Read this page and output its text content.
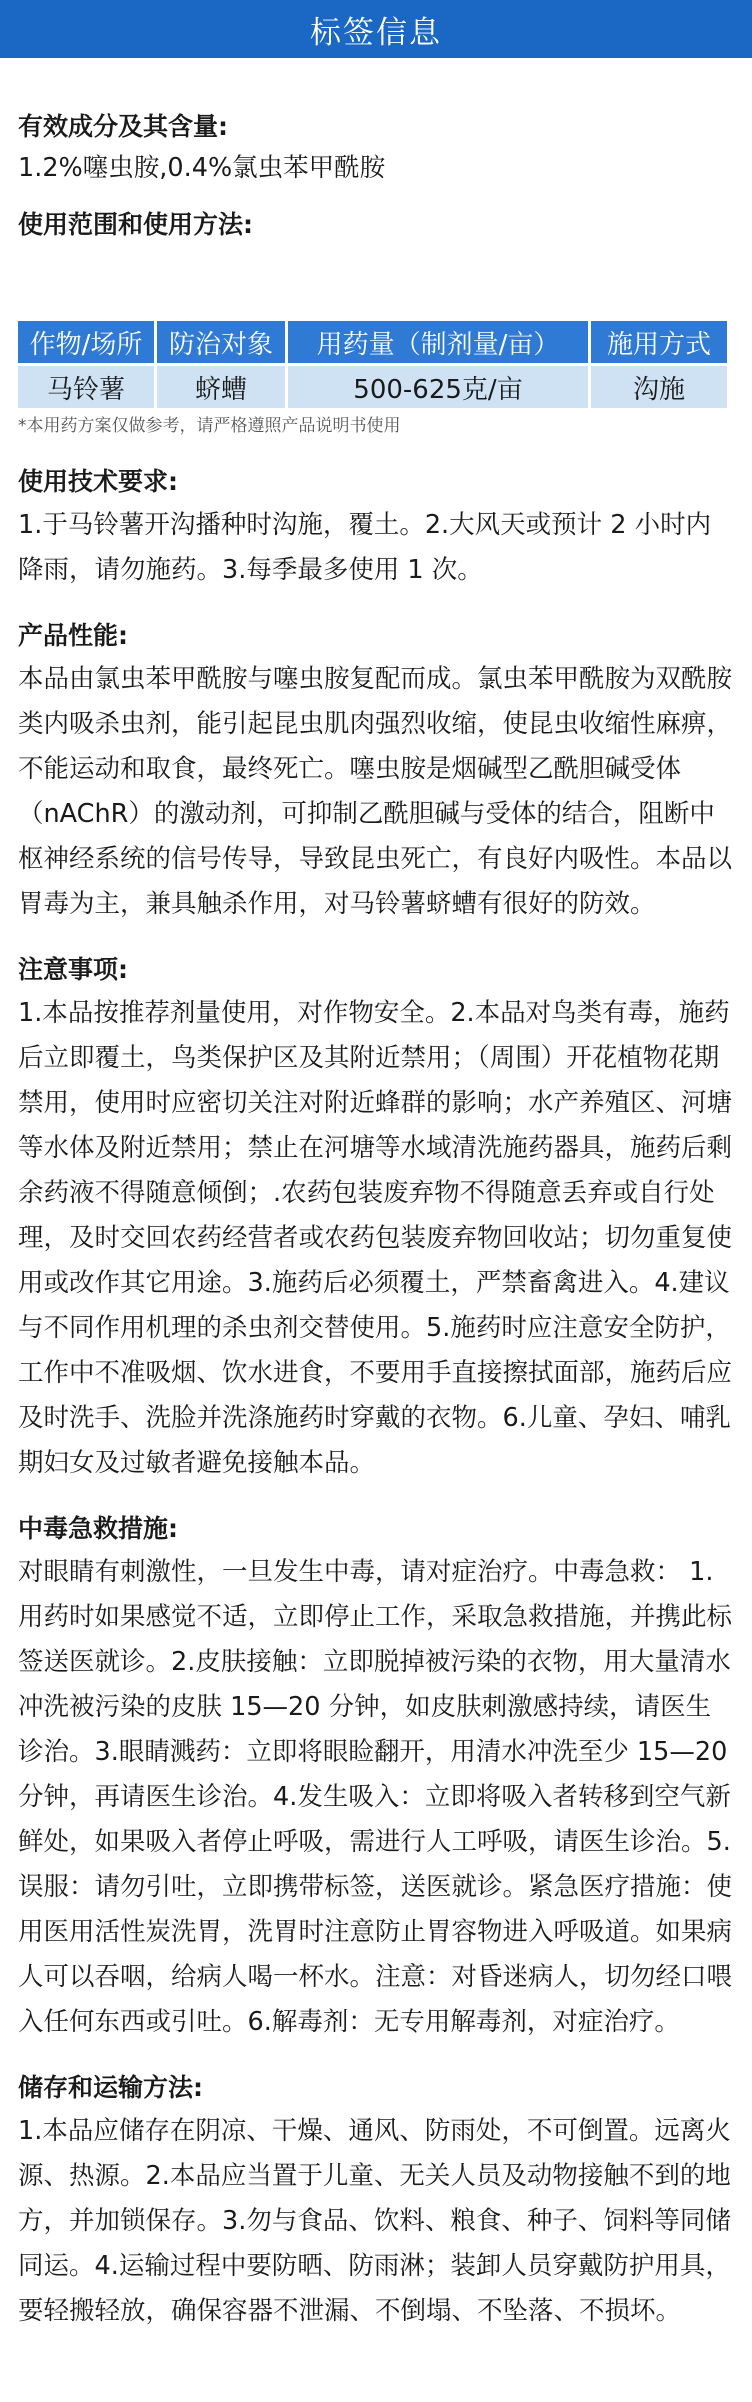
标签信息

有效成分及其含量:

1.2%噻虫胺,0.4%氯虫苯甲酰胺

使用范围和使用方法:

作物/场所	防治对象	用药量（制剂量/亩）	施用方式
马铃薯	蛴螬	500-625克/亩	沟施

*本用药方案仅做参考，请严格遵照产品说明书使用

使用技术要求:

1.于马铃薯开沟播种时沟施，覆土。2.大风天或预计 2 小时内降雨，请勿施药。3.每季最多使用 1 次。

产品性能:

本品由氯虫苯甲酰胺与噻虫胺复配而成。氯虫苯甲酰胺为双酰胺类内吸杀虫剂，能引起昆虫肌肉强烈收缩，使昆虫收缩性麻痹，不能运动和取食，最终死亡。噻虫胺是烟碱型乙酰胆碱受体（nAChR）的激动剂，可抑制乙酰胆碱与受体的结合，阻断中枢神经系统的信号传导，导致昆虫死亡，有良好内吸性。本品以胃毒为主，兼具触杀作用，对马铃薯蛴螬有很好的防效。

注意事项:

1.本品按推荐剂量使用，对作物安全。2.本品对鸟类有毒，施药后立即覆土，鸟类保护区及其附近禁用；（周围）开花植物花期禁用，使用时应密切关注对附近蜂群的影响；水产养殖区、河塘等水体及附近禁用；禁止在河塘等水域清洗施药器具，施药后剩余药液不得随意倾倒；.农药包装废弃物不得随意丢弃或自行处理，及时交回农药经营者或农药包装废弃物回收站；切勿重复使用或改作其它用途。3.施药后必须覆土，严禁畜禽进入。4.建议与不同作用机理的杀虫剂交替使用。5.施药时应注意安全防护，工作中不准吸烟、饮水进食，不要用手直接擦拭面部，施药后应及时洗手、洗脸并洗涤施药时穿戴的衣物。6.儿童、孕妇、哺乳期妇女及过敏者避免接触本品。

中毒急救措施:

对眼睛有刺激性，一旦发生中毒，请对症治疗。中毒急救： 1.用药时如果感觉不适，立即停止工作，采取急救措施，并携此标签送医就诊。2.皮肤接触：立即脱掉被污染的衣物，用大量清水冲洗被污染的皮肤 15—20 分钟，如皮肤刺激感持续，请医生诊治。3.眼睛溅药：立即将眼睑翻开，用清水冲洗至少 15—20 分钟，再请医生诊治。4.发生吸入：立即将吸入者转移到空气新鲜处，如果吸入者停止呼吸，需进行人工呼吸，请医生诊治。5.误服：请勿引吐，立即携带标签，送医就诊。紧急医疗措施：使用医用活性炭洗胃，洗胃时注意防止胃容物进入呼吸道。如果病人可以吞咽，给病人喝一杯水。注意：对昏迷病人，切勿经口喂入任何东西或引吐。6.解毒剂：无专用解毒剂，对症治疗。

储存和运输方法:

1.本品应储存在阴凉、干燥、通风、防雨处，不可倒置。远离火源、热源。2.本品应当置于儿童、无关人员及动物接触不到的地方，并加锁保存。3.勿与食品、饮料、粮食、种子、饲料等同储同运。4.运输过程中要防晒、防雨淋；装卸人员穿戴防护用具，要轻搬轻放，确保容器不泄漏、不倒塌、不坠落、不损坏。
